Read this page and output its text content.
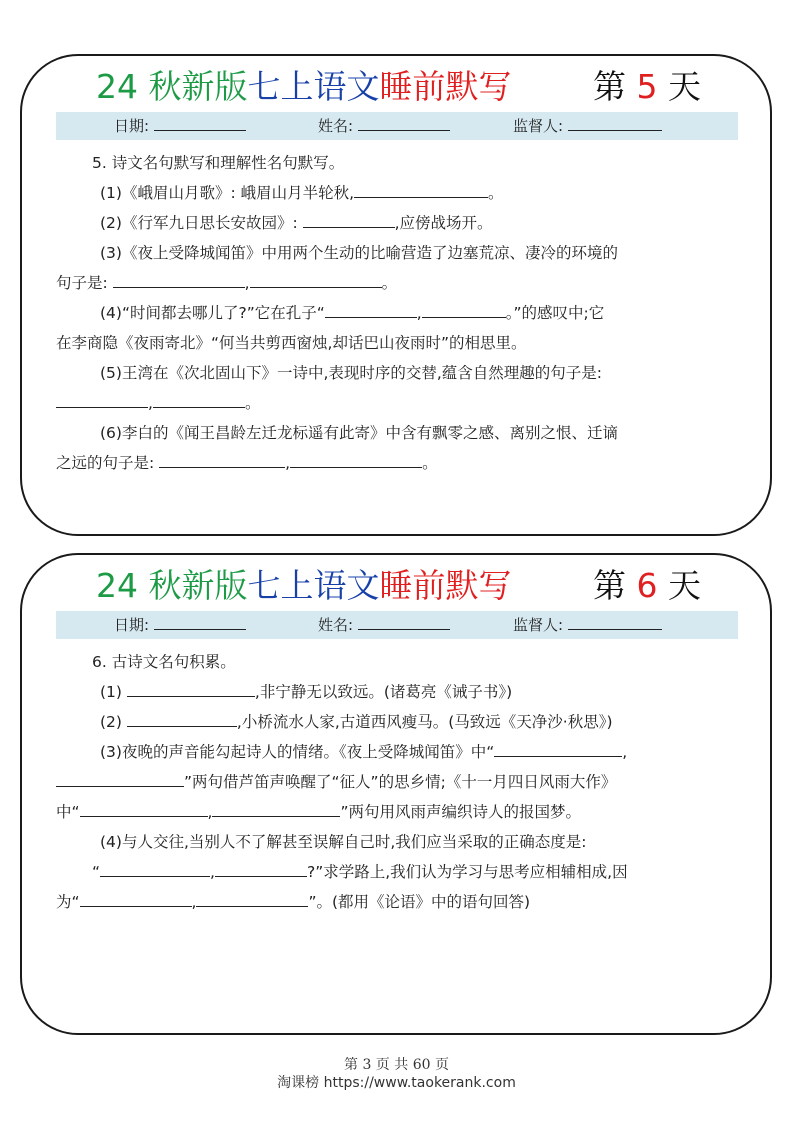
24 秋新版七上语文睡前默写 第 5 天
日期:	姓名:	监督人:

5. 诗文名句默写和理解性名句默写。

(1)《峨眉山月歌》: 峨眉山月半轮秋,	。

(2)《行军九日思长安故园》:	,应傍战场开。

(3)《夜上受降城闻笛》中用两个生动的比喻营造了边塞荒凉、凄冷的环境的

句子是:	,	。

(4)“时间都去哪儿了?”它在孔子“	,	。”的感叹中;它

在李商隐《夜雨寄北》“何当共剪西窗烛,却话巴山夜雨时”的相思里。

(5)王湾在《次北固山下》一诗中,表现时序的交替,蕴含自然理趣的句子是:

,	。

(6)李白的《闻王昌龄左迁龙标遥有此寄》中含有飘零之感、离别之恨、迁谪

之远的句子是:	,	。

24 秋新版七上语文睡前默写 第 6 天
日期:	姓名:	监督人:

6. 古诗文名句积累。

(1)	,非宁静无以致远。(诸葛亮《诫子书》)

(2)	,小桥流水人家,古道西风瘦马。(马致远《天净沙·秋思》)

(3)夜晚的声音能勾起诗人的情绪。《夜上受降城闻笛》中“	,

”两句借芦笛声唤醒了“征人”的思乡情;《十一月四日风雨大作》

中“	,	”两句用风雨声编织诗人的报国梦。

(4)与人交往,当别人不了解甚至误解自己时,我们应当采取的正确态度是:

“	,	?”求学路上,我们认为学习与思考应相辅相成,因

为“	,	”。(都用《论语》中的语句回答)

第 3 页 共 60 页
淘课榜 https://www.taokerank.com
